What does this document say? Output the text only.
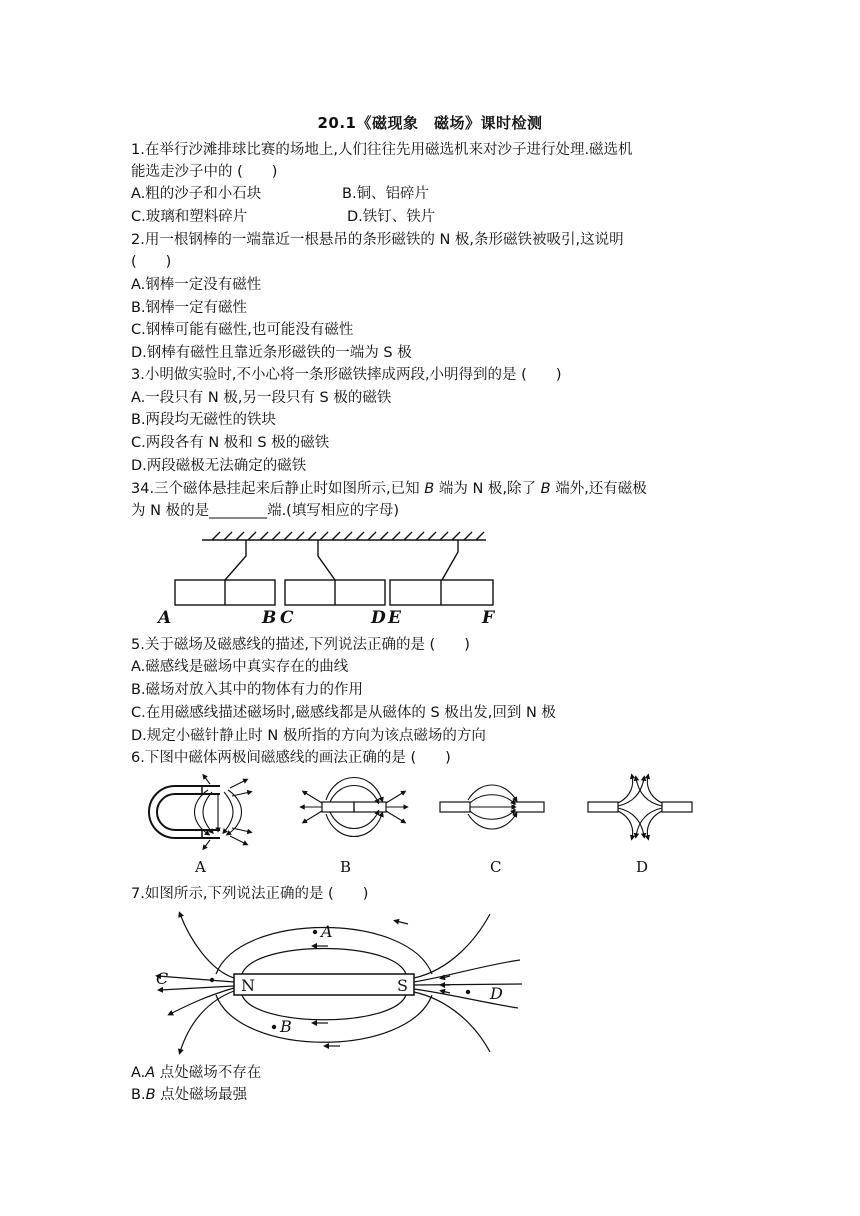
20.1《磁现象　磁场》课时检测
1.在举行沙滩排球比赛的场地上,人们往往先用磁选机来对沙子进行处理.磁选机
能选走沙子中的 (　　)
A.粗的沙子和小石块	B.铜、铝碎片
C.玻璃和塑料碎片	D.铁钉、铁片
2.用一根钢棒的一端靠近一根悬吊的条形磁铁的 N 极,条形磁铁被吸引,这说明
(　　)
A.钢棒一定没有磁性
B.钢棒一定有磁性
C.钢棒可能有磁性,也可能没有磁性
D.钢棒有磁性且靠近条形磁铁的一端为 S 极
3.小明做实验时,不小心将一条形磁铁摔成两段,小明得到的是 (　　)
A.一段只有 N 极,另一段只有 S 极的磁铁
B.两段均无磁性的铁块
C.两段各有 N 极和 S 极的磁铁
D.两段磁极无法确定的磁铁
34.三个磁体悬挂起来后静止时如图所示,已知 B 端为 N 极,除了 B 端外,还有磁极
为 N 极的是________端.(填写相应的字母)
A	B C	D E	F
5.关于磁场及磁感线的描述,下列说法正确的是 (　　)
A.磁感线是磁场中真实存在的曲线
B.磁场对放入其中的物体有力的作用
C.在用磁感线描述磁场时,磁感线都是从磁体的 S 极出发,回到 N 极
D.规定小磁针静止时 N 极所指的方向为该点磁场的方向
6.下图中磁体两极间磁感线的画法正确的是 (　　)
A	B	C	D
7.如图所示,下列说法正确的是 (　　)
N	S
A
B
C
D
A.A 点处磁场不存在
B.B 点处磁场最强
